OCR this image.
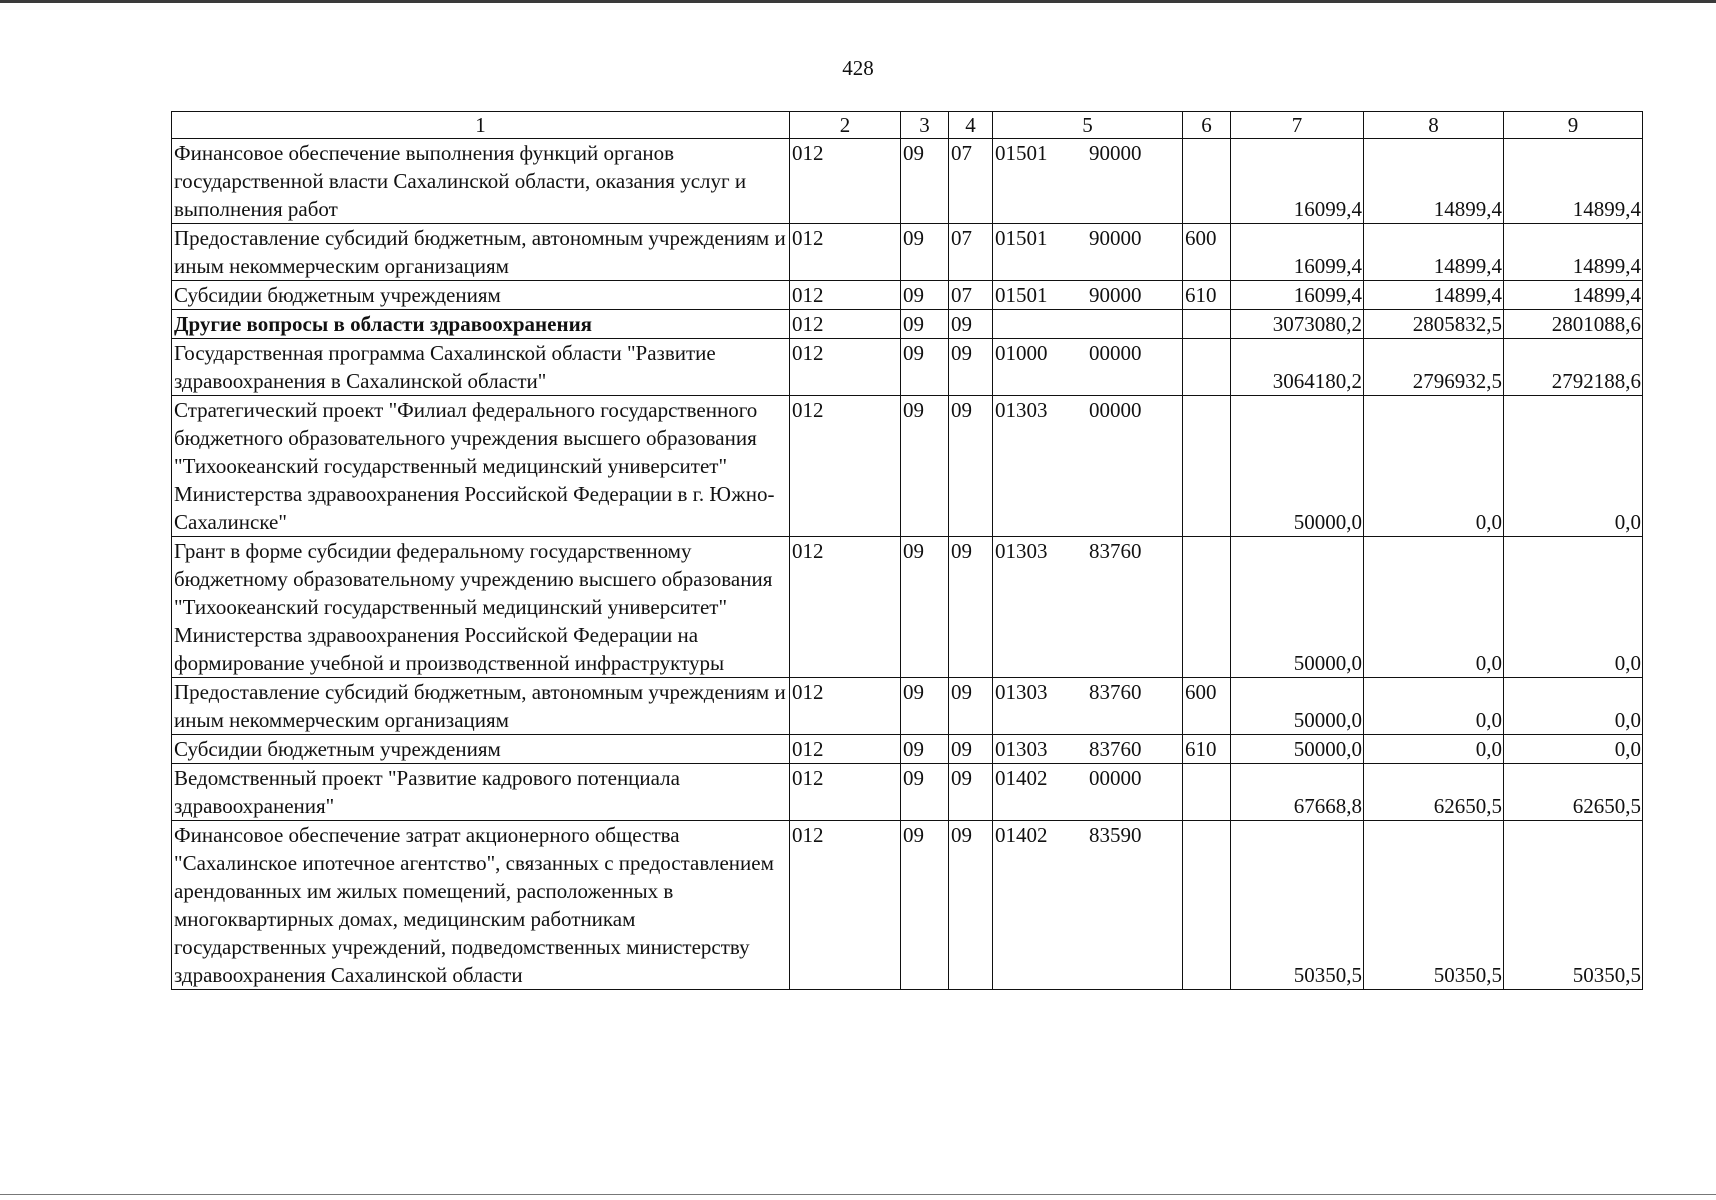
428
1	2	3	4	5	6	7	8	9
Финансовое обеспечение выполнения функций органов государственной власти Сахалинской области, оказания услуг и выполнения работ	012	09	07	01501 90000		16099,4	14899,4	14899,4
Предоставление субсидий бюджетным, автономным учреждениям и иным некоммерческим организациям	012	09	07	01501 90000	600	16099,4	14899,4	14899,4
Субсидии бюджетным учреждениям	012	09	07	01501 90000	610	16099,4	14899,4	14899,4
Другие вопросы в области здравоохранения	012	09	09			3073080,2	2805832,5	2801088,6
Государственная программа Сахалинской области "Развитие здравоохранения в Сахалинской области"	012	09	09	01000 00000		3064180,2	2796932,5	2792188,6
Стратегический проект "Филиал федерального государственного бюджетного образовательного учреждения высшего образования "Тихоокеанский государственный медицинский университет" Министерства здравоохранения Российской Федерации в г. Южно-Сахалинске"	012	09	09	01303 00000		50000,0	0,0	0,0
Грант в форме субсидии федеральному государственному бюджетному образовательному учреждению высшего образования "Тихоокеанский государственный медицинский университет" Министерства здравоохранения Российской Федерации на формирование учебной и производственной инфраструктуры	012	09	09	01303 83760		50000,0	0,0	0,0
Предоставление субсидий бюджетным, автономным учреждениям и иным некоммерческим организациям	012	09	09	01303 83760	600	50000,0	0,0	0,0
Субсидии бюджетным учреждениям	012	09	09	01303 83760	610	50000,0	0,0	0,0
Ведомственный проект "Развитие кадрового потенциала здравоохранения"	012	09	09	01402 00000		67668,8	62650,5	62650,5
Финансовое обеспечение затрат акционерного общества "Сахалинское ипотечное агентство", связанных с предоставлением арендованных им жилых помещений, расположенных в многоквартирных домах, медицинским работникам государственных учреждений, подведомственных министерству здравоохранения Сахалинской области	012	09	09	01402 83590		50350,5	50350,5	50350,5
